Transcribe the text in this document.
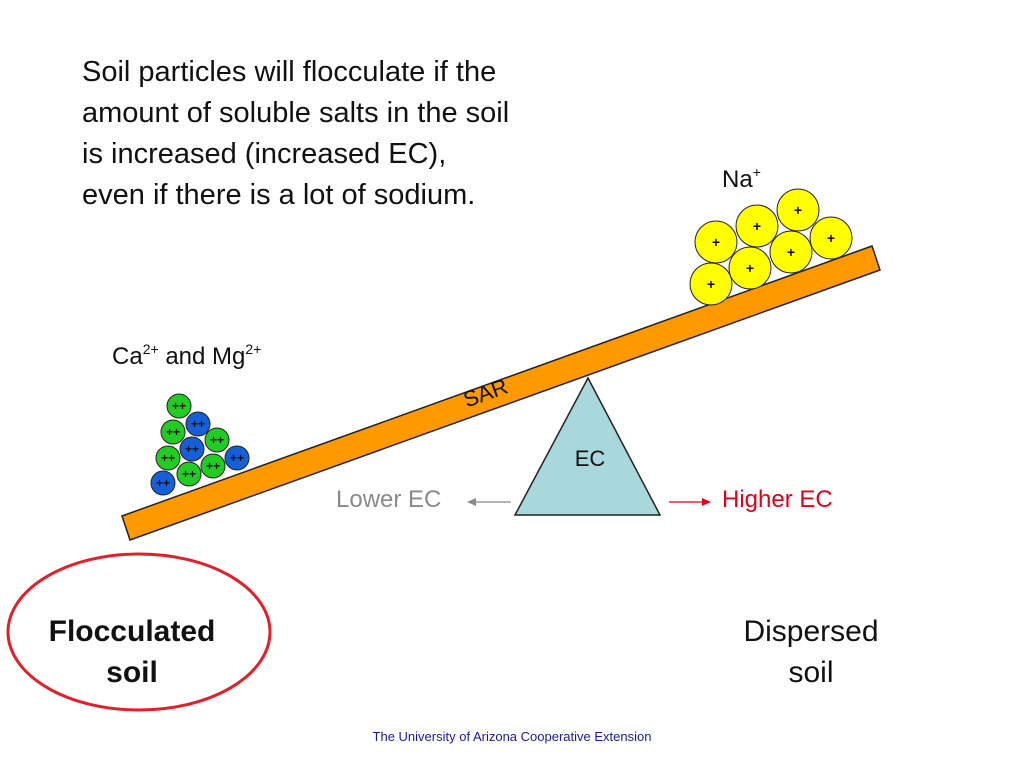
Soil particles will flocculate if the
amount of soluble salts in the soil
is increased (increased EC),
even if there is a lot of sodium.
EC
SAR
+
+
+
+
+
+
+
++
++
++
++
++
++
++
++
++
++
Na+
$Ca^{2+}$ and $Mg^{2+}$
Lower EC	Higher EC
Flocculated
soil
Dispersed
soil
The University of Arizona Cooperative Extension
